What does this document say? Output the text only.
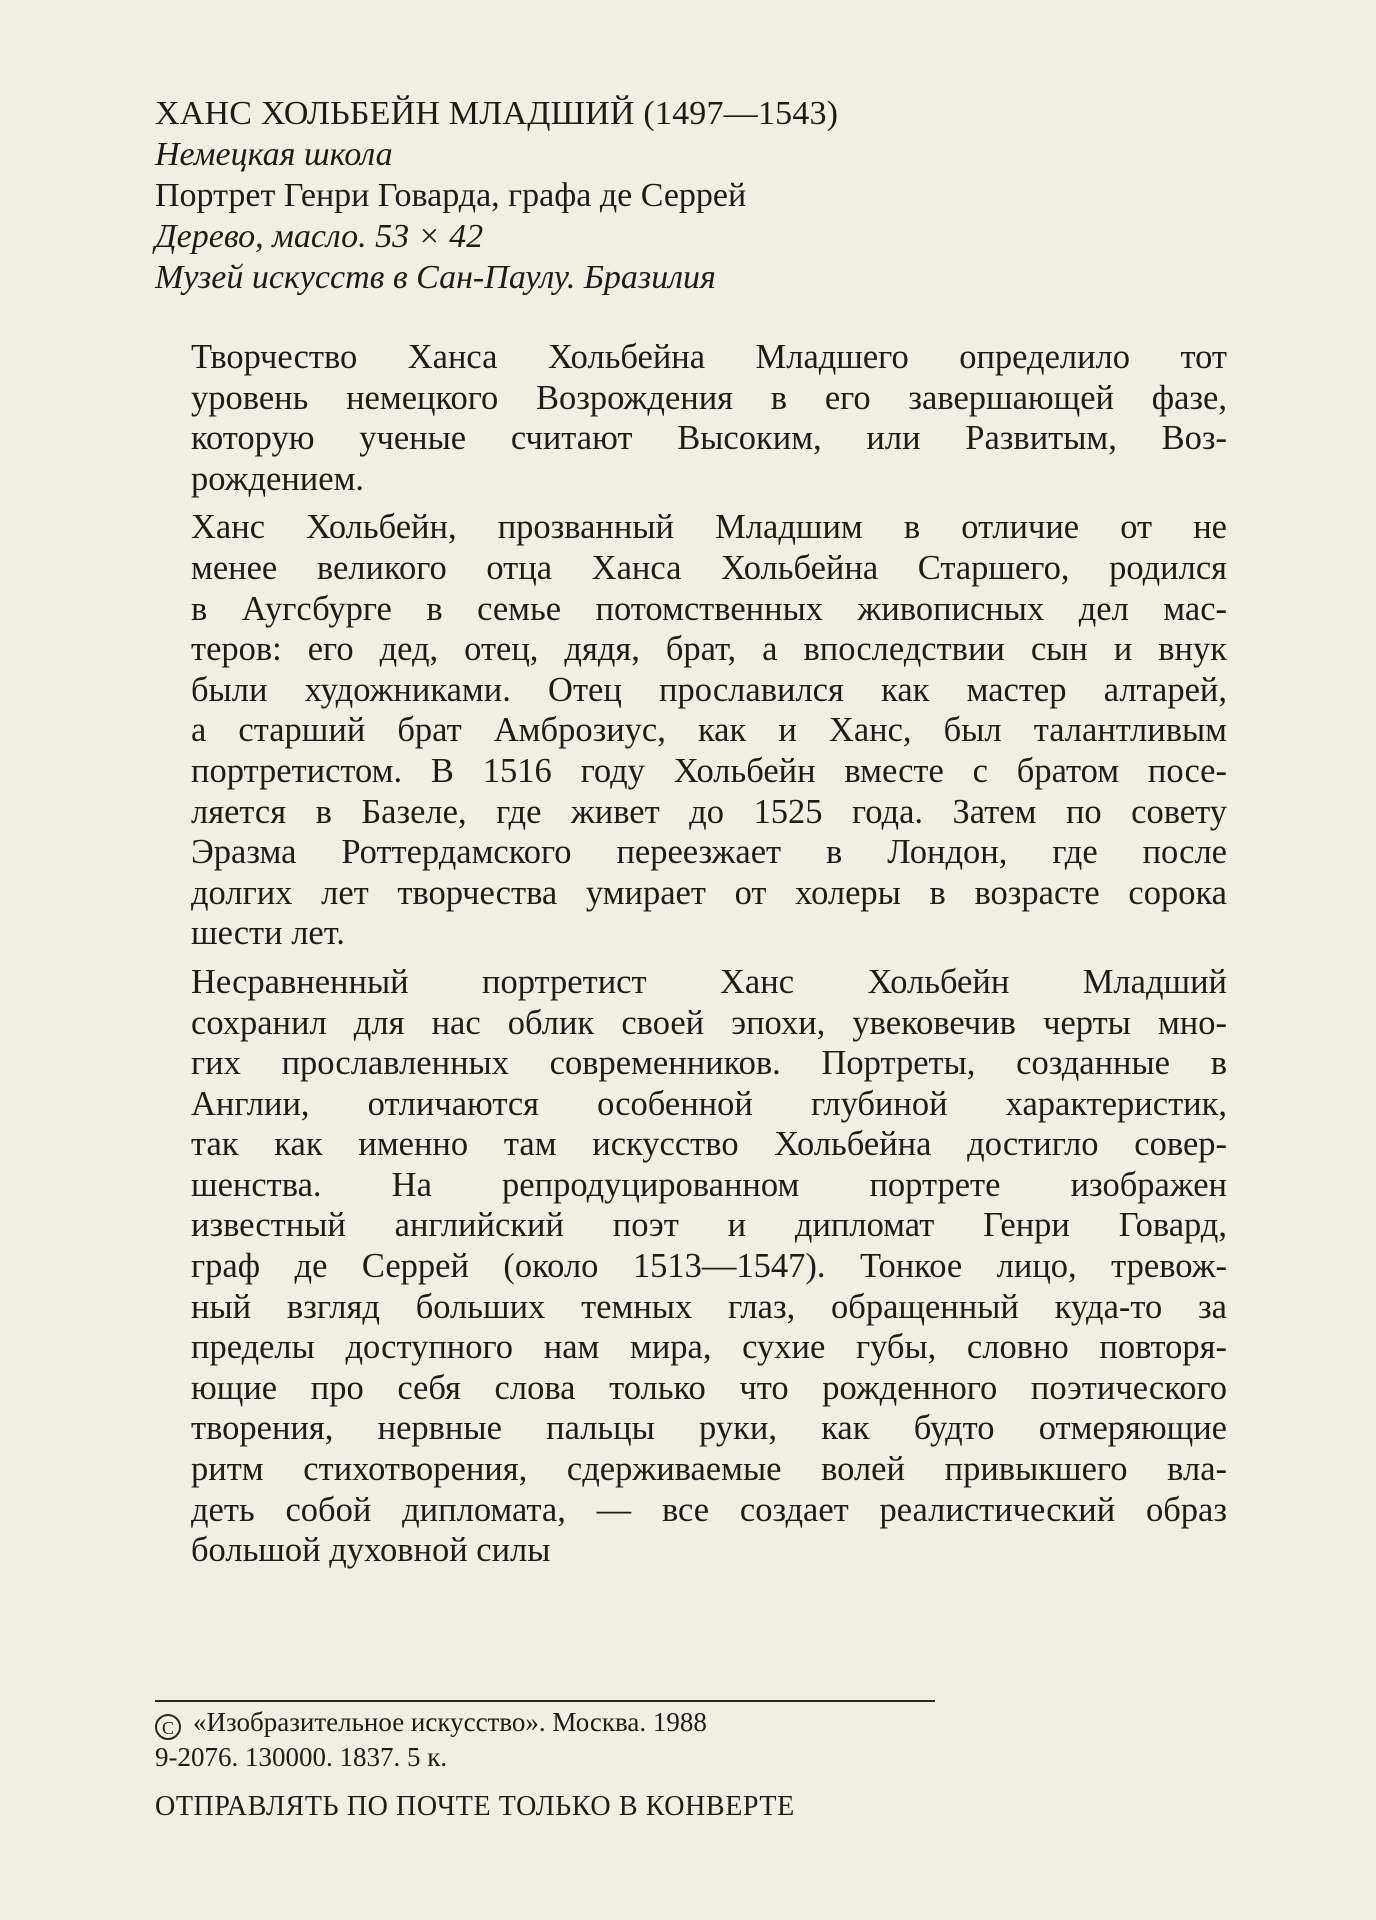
ХАНС ХОЛЬБЕЙН МЛАДШИЙ (1497—1543)

Немецкая школа

Портрет Генри Говарда, графа де Серрей

Дерево, масло. 53 × 42

Музей искусств в Сан-Паулу. Бразилия

Творчество Ханса Хольбейна Младшего определило тот
уровень немецкого Возрождения в его завершающей фазе,
которую ученые считают Высоким, или Развитым, Воз-
рождением.
Ханс Хольбейн, прозванный Младшим в отличие от не
менее великого отца Ханса Хольбейна Старшего, родился
в Аугсбурге в семье потомственных живописных дел мас-
теров: его дед, отец, дядя, брат, а впоследствии сын и внук
были художниками. Отец прославился как мастер алтарей,
а старший брат Амброзиус, как и Ханс, был талантливым
портретистом. В 1516 году Хольбейн вместе с братом посе-
ляется в Базеле, где живет до 1525 года. Затем по совету
Эразма Роттердамского переезжает в Лондон, где после
долгих лет творчества умирает от холеры в возрасте сорока
шести лет.
Несравненный портретист Ханс Хольбейн Младший
сохранил для нас облик своей эпохи, увековечив черты мно-
гих прославленных современников. Портреты, созданные в
Англии, отличаются особенной глубиной характеристик,
так как именно там искусство Хольбейна достигло совер-
шенства. На репродуцированном портрете изображен
известный английский поэт и дипломат Генри Говард,
граф де Серрей (около 1513—1547). Тонкое лицо, тревож-
ный взгляд больших темных глаз, обращенный куда-то за
пределы доступного нам мира, сухие губы, словно повторя-
ющие про себя слова только что рожденного поэтического
творения, нервные пальцы руки, как будто отмеряющие
ритм стихотворения, сдерживаемые волей привыкшего вла-
деть собой дипломата, — все создает реалистический образ
большой духовной силы

C «Изобразительное искусство». Москва. 1988

9-2076. 130000. 1837. 5 к.

ОТПРАВЛЯТЬ ПО ПОЧТЕ ТОЛЬКО В КОНВЕРТЕ
